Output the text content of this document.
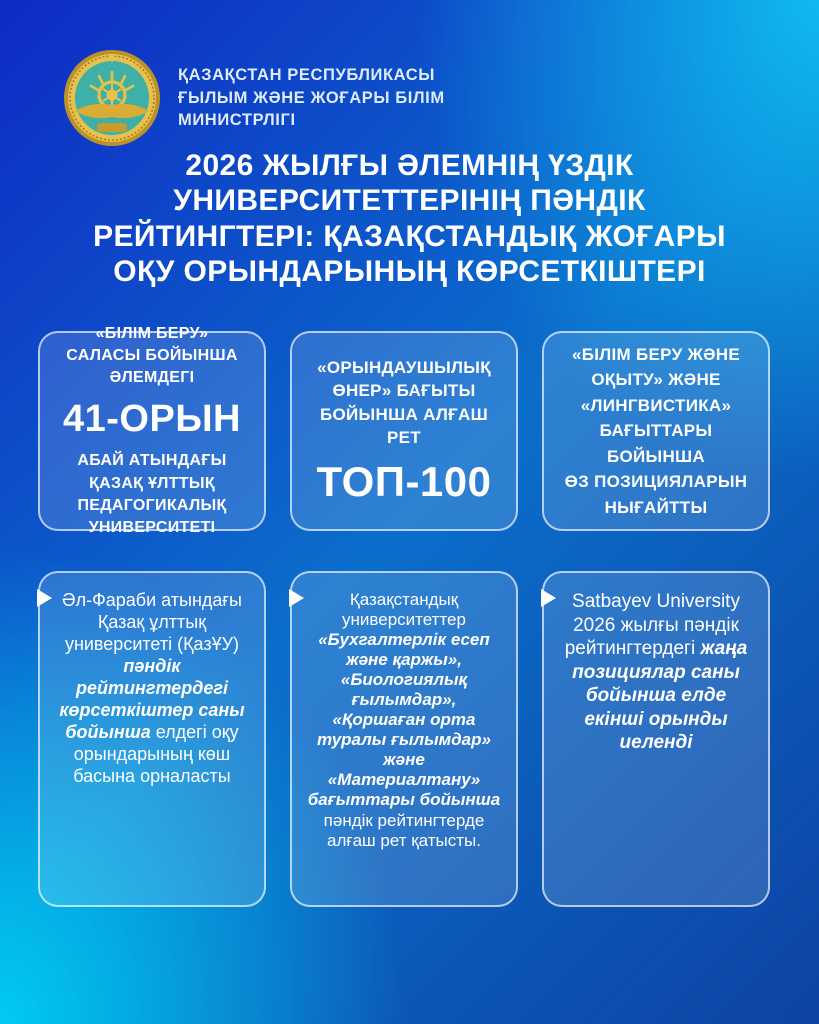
ҚАЗАҚСТАН РЕСПУБЛИКАСЫ
ҒЫЛЫМ ЖӘНЕ ЖОҒАРЫ БІЛІМ
МИНИСТРЛІГІ
2026 ЖЫЛҒЫ ӘЛЕМНІҢ ҮЗДІК
УНИВЕРСИТЕТТЕРІНІҢ ПӘНДІК
РЕЙТИНГТЕРІ: ҚАЗАҚСТАНДЫҚ ЖОҒАРЫ
ОҚУ ОРЫНДАРЫНЫҢ КӨРСЕТКІШТЕРІ
«БІЛІМ БЕРУ»
САЛАСЫ БОЙЫНША
ӘЛЕМДЕГІ
41-ОРЫН
АБАЙ АТЫНДАҒЫ
ҚАЗАҚ ҰЛТТЫҚ
ПЕДАГОГИКАЛЫҚ
УНИВЕРСИТЕТІ
«ОРЫНДАУШЫЛЫҚ
ӨНЕР» БАҒЫТЫ
БОЙЫНША АЛҒАШ РЕТ
ТОП-100
«БІЛІМ БЕРУ ЖӘНЕ
ОҚЫТУ» ЖӘНЕ
«ЛИНГВИСТИКА»
БАҒЫТТАРЫ БОЙЫНША
ӨЗ ПОЗИЦИЯЛАРЫН
НЫҒАЙТТЫ

Әл-Фараби атындағы Қазақ ұлттық университеті (ҚазҰУ) пәндік рейтингтердегі көрсеткіштер саны бойынша елдегі оқу орындарының көш басына орналасты

Қазақстандық университеттер «Бухгалтерлік есеп және қаржы», «Биологиялық ғылымдар», «Қоршаған орта туралы ғылымдар» және «Материалтану» бағыттары бойынша пәндік рейтингтерде алғаш рет қатысты.

Satbayev University 2026 жылғы пәндік рейтингтердегі жаңа позициялар саны бойынша елде екінші орынды иеленді
